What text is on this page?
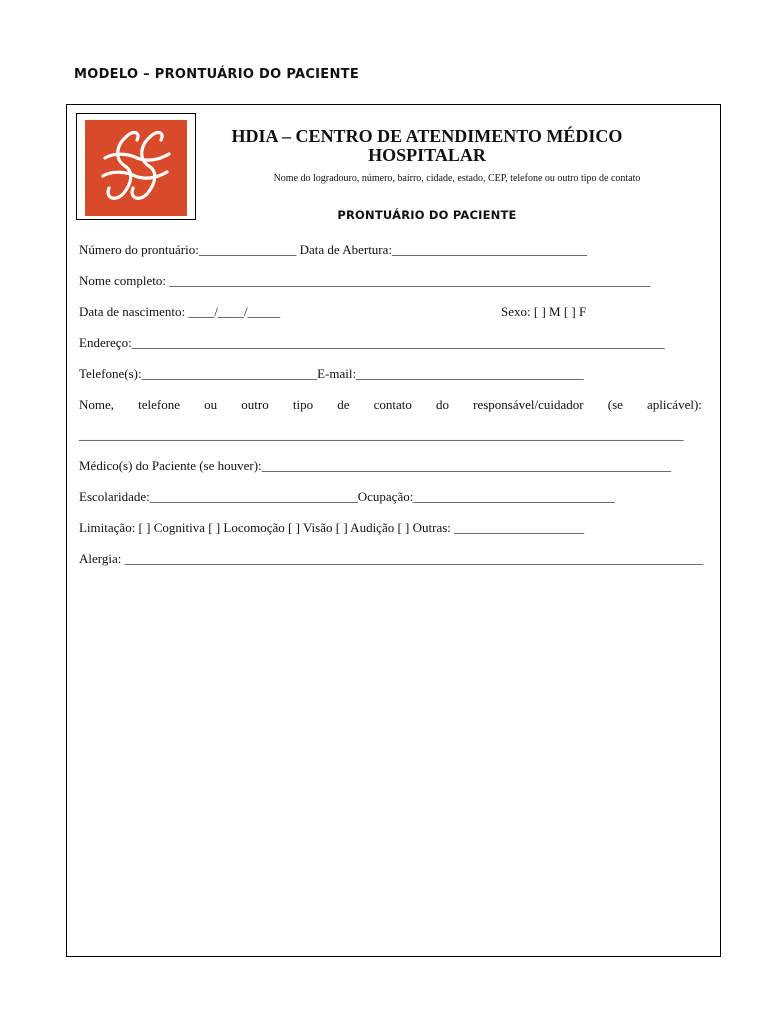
MODELO – PRONTUÁRIO DO PACIENTE
HDIA – CENTRO DE ATENDIMENTO MÉDICO
HOSPITALAR
Nome do logradouro, número, bairro, cidade, estado, CEP, telefone ou outro tipo de contato
PRONTUÁRIO DO PACIENTE
Número do prontuário:_______________ Data de Abertura:______________________________
Nome completo: __________________________________________________________________________
Data de nascimento: ____/____/_____	Sexo: [ ] M [ ] F
Endereço:__________________________________________________________________________________
Telefone(s):___________________________E-mail:___________________________________
Nome, telefone ou outro tipo de contato do responsável/cuidador (se aplicável):
_____________________________________________________________________________________________
Médico(s) do Paciente (se houver):_______________________________________________________________
Escolaridade:________________________________Ocupação:_______________________________
Limitação: [ ] Cognitiva [ ] Locomoção [ ] Visão [ ] Audição [ ] Outras: ____________________
Alergia: _________________________________________________________________________________________
